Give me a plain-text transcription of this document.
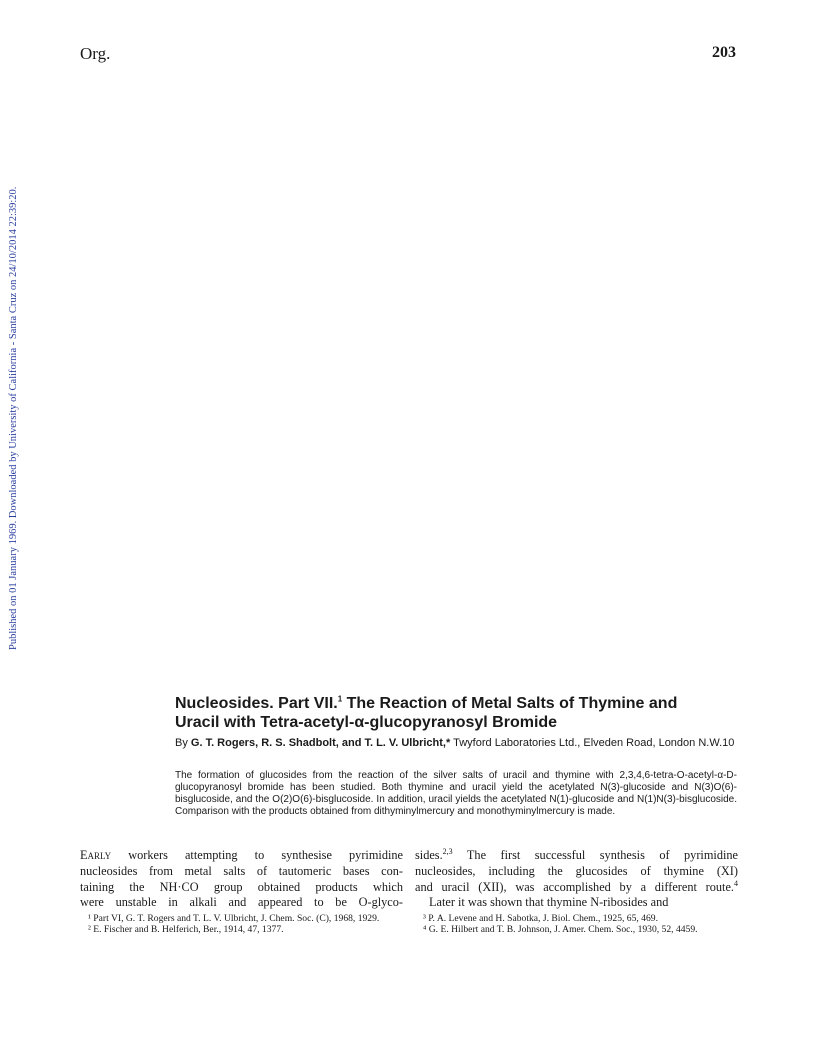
Org.	203
Published on 01 January 1969. Downloaded by University of California - Santa Cruz on 24/10/2014 22:39:20.
Nucleosides. Part VII.$^1$ The Reaction of Metal Salts of Thymine and
Uracil with Tetra-acetyl-α-glucopyranosyl Bromide
By G. T. Rogers, R. S. Shadbolt, and T. L. V. Ulbricht,* Twyford Laboratories Ltd., Elveden Road, London N.W.10
The formation of glucosides from the reaction of the silver salts of uracil and thymine with 2,3,4,6-tetra-O-acetyl-α-D-glucopyranosyl bromide has been studied. Both thymine and uracil yield the acetylated N(3)-glucoside and N(3)O(6)-bisglucoside, and the O(2)O(6)-bisglucoside. In addition, uracil yields the acetylated N(1)-glucoside and N(1)N(3)-bisglucoside. Comparison with the products obtained from dithyminylmercury and monothyminylmercury is made.
Early workers attempting to synthesise pyrimidine
nucleosides from metal salts of tautomeric bases con-
taining the NH·CO group obtained products which
were unstable in alkali and appeared to be O-glyco-
sides.$^{2,3}$ The first successful synthesis of pyrimidine
nucleosides, including the glucosides of thymine (XI)
and uracil (XII), was accomplished by a different route.$^4$
Later it was shown that thymine N-ribosides and

¹ Part VI, G. T. Rogers and T. L. V. Ulbricht, J. Chem. Soc. (C), 1968, 1929.

² E. Fischer and B. Helferich, Ber., 1914, 47, 1377.

³ P. A. Levene and H. Sabotka, J. Biol. Chem., 1925, 65, 469.

⁴ G. E. Hilbert and T. B. Johnson, J. Amer. Chem. Soc., 1930, 52, 4459.
